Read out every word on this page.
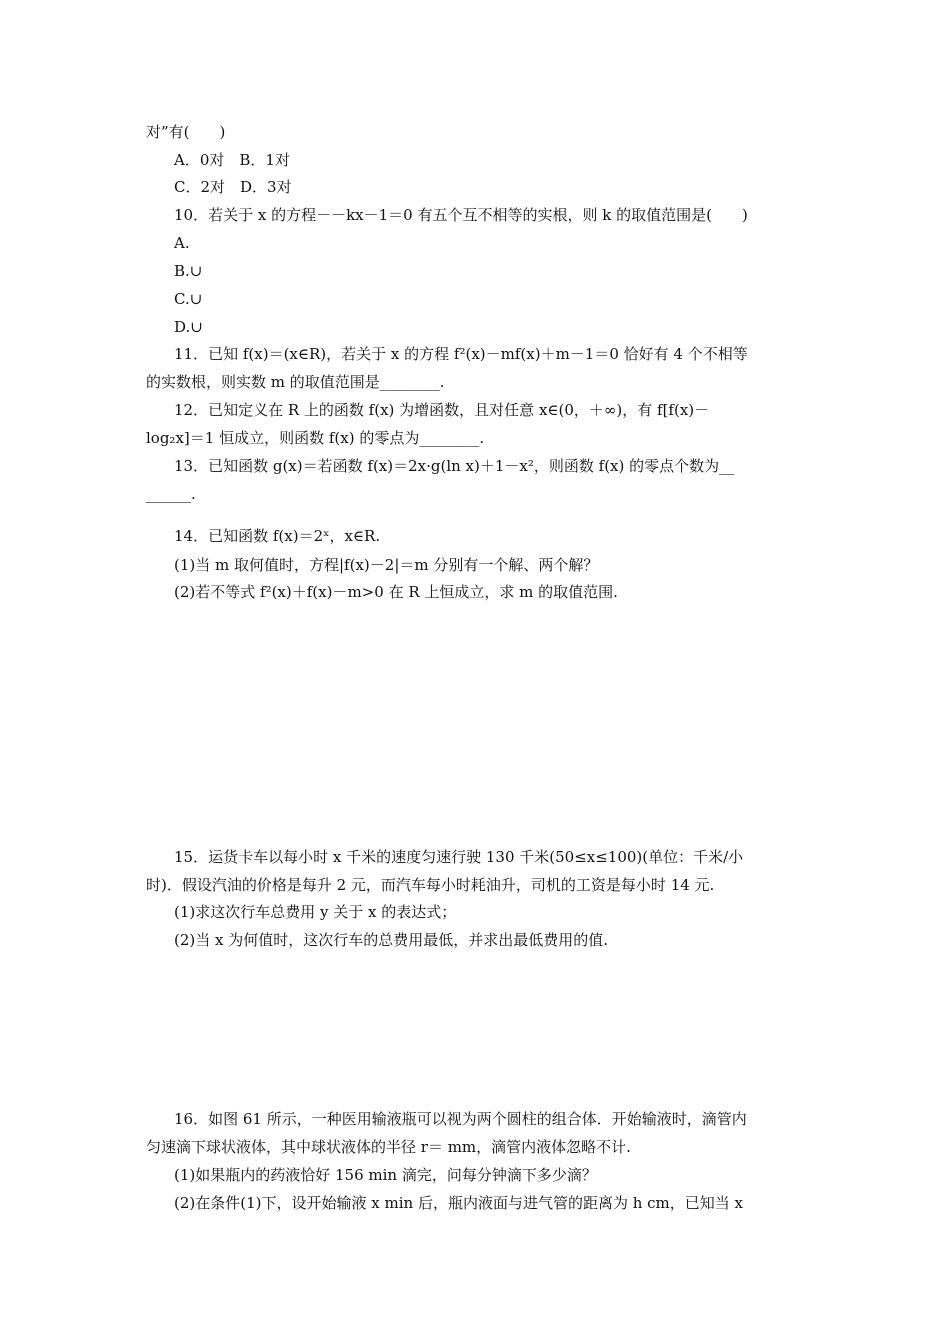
对”有(　　)
A．0对　B．1对
C．2对　D．3对
10．若关于 x 的方程－－kx－1＝0 有五个互不相等的实根，则 k 的取值范围是(　　)
A.
B.∪
C.∪
D.∪
11．已知 f(x)＝(x∈R)，若关于 x 的方程 f²(x)－mf(x)＋m－1＝0 恰好有 4 个不相等
的实数根，则实数 m 的取值范围是________.
12．已知定义在 R 上的函数 f(x) 为增函数，且对任意 x∈(0，＋∞)，有 f[f(x)－
log₂x]＝1 恒成立，则函数 f(x) 的零点为________.
13．已知函数 g(x)＝若函数 f(x)＝2x·g(ln x)＋1－x²，则函数 f(x) 的零点个数为__
______.
14．已知函数 f(x)＝2ˣ，x∈R.
(1)当 m 取何值时，方程|f(x)－2|＝m 分别有一个解、两个解？
(2)若不等式 f²(x)＋f(x)－m>0 在 R 上恒成立，求 m 的取值范围.
15．运货卡车以每小时 x 千米的速度匀速行驶 130 千米(50≤x≤100)(单位：千米/小
时)．假设汽油的价格是每升 2 元，而汽车每小时耗油升，司机的工资是每小时 14 元.
(1)求这次行车总费用 y 关于 x 的表达式；
(2)当 x 为何值时，这次行车的总费用最低，并求出最低费用的值.
16．如图 61 所示，一种医用输液瓶可以视为两个圆柱的组合体．开始输液时，滴管内
匀速滴下球状液体，其中球状液体的半径 r＝ mm，滴管内液体忽略不计.
(1)如果瓶内的药液恰好 156 min 滴完，问每分钟滴下多少滴？
(2)在条件(1)下，设开始输液 x min 后，瓶内液面与进气管的距离为 h cm，已知当 x
